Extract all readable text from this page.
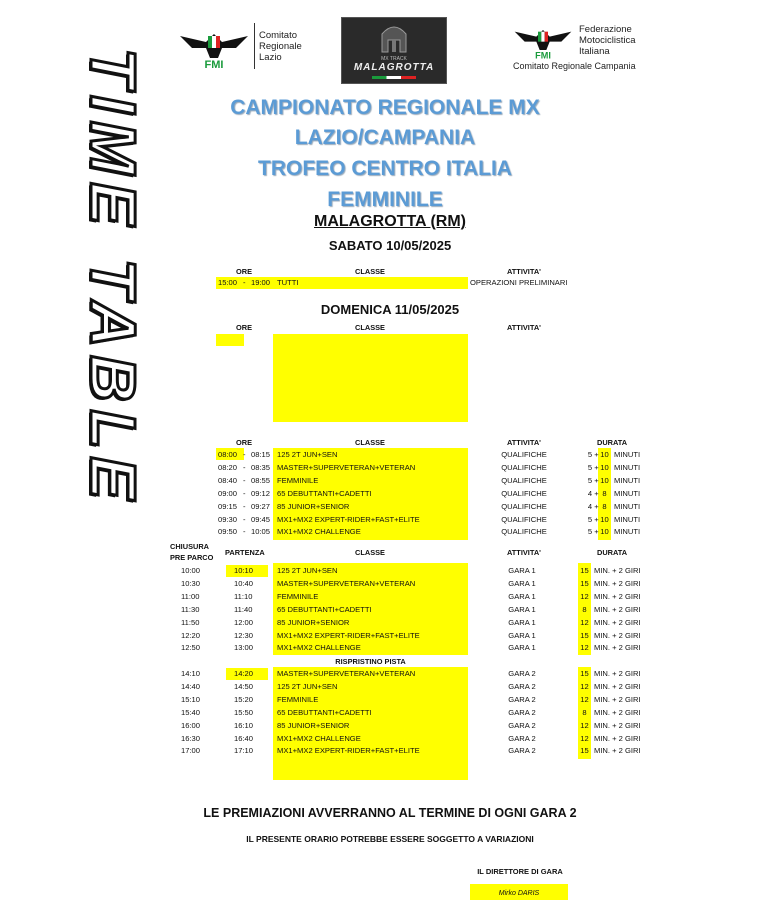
TIME TABLE	FMI
Comitato
Regionale
Lazio	MX TRACK
MALAGROTTA
FMI
Federazione
Motociclistica
Italiana
Comitato Regionale Campania
CAMPIONATO REGIONALE MX
LAZIO/CAMPANIA
TROFEO CENTRO ITALIA
FEMMINILE
MALAGROTTA (RM)
SABATO 10/05/2025
ORE	CLASSE	ATTIVITA'
15:00 - 19:00 TUTTI	OPERAZIONI PRELIMINARI
DOMENICA 11/05/2025
ORE	CLASSE	ATTIVITA'
ORE	CLASSE	ATTIVITA'	DURATA
08:00 - 08:15 125 2T JUN+SEN	QUALIFICHE	5 + 10 MINUTI
08:20 - 08:35 MASTER+SUPERVETERAN+VETERAN	QUALIFICHE	5 + 10 MINUTI
08:40 - 08:55 FEMMINILE	QUALIFICHE	5 + 10 MINUTI
09:00 - 09:12 65 DEBUTTANTI+CADETTI	QUALIFICHE	4 + 8 MINUTI
09:15 - 09:27 85 JUNIOR+SENIOR	QUALIFICHE	4 + 8 MINUTI
09:30 - 09:45 MX1+MX2 EXPERT-RIDER+FAST+ELITE	QUALIFICHE	5 + 10 MINUTI
09:50 - 10:05 MX1+MX2 CHALLENGE	QUALIFICHE	5 + 10 MINUTI
CHIUSURA
PRE PARCO
PARTENZA	CLASSE	ATTIVITA'	DURATA
RISPRISTINO PISTA
10:00	10:10	125 2T JUN+SEN	GARA 1	15 MIN. + 2 GIRI
10:30	10:40	MASTER+SUPERVETERAN+VETERAN	GARA 1	15 MIN. + 2 GIRI
11:00	11:10	FEMMINILE	GARA 1	12 MIN. + 2 GIRI
11:30	11:40	65 DEBUTTANTI+CADETTI	GARA 1	8 MIN. + 2 GIRI
11:50	12:00	85 JUNIOR+SENIOR	GARA 1	12 MIN. + 2 GIRI
12:20	12:30	MX1+MX2 EXPERT-RIDER+FAST+ELITE	GARA 1	15 MIN. + 2 GIRI
12:50	13:00	MX1+MX2 CHALLENGE	GARA 1	12 MIN. + 2 GIRI
14:10	14:20	MASTER+SUPERVETERAN+VETERAN	GARA 2	15 MIN. + 2 GIRI
14:40	14:50	125 2T JUN+SEN	GARA 2	12 MIN. + 2 GIRI
15:10	15:20	FEMMINILE	GARA 2	12 MIN. + 2 GIRI
15:40	15:50	65 DEBUTTANTI+CADETTI	GARA 2	8 MIN. + 2 GIRI
16:00	16:10	85 JUNIOR+SENIOR	GARA 2	12 MIN. + 2 GIRI
16:30	16:40	MX1+MX2 CHALLENGE	GARA 2	12 MIN. + 2 GIRI
17:00	17:10	MX1+MX2 EXPERT-RIDER+FAST+ELITE	GARA 2	15 MIN. + 2 GIRI
LE PREMIAZIONI AVVERRANNO AL TERMINE DI OGNI GARA 2
IL PRESENTE ORARIO POTREBBE ESSERE SOGGETTO A VARIAZIONI
IL DIRETTORE DI GARA
Mirko DARIS
